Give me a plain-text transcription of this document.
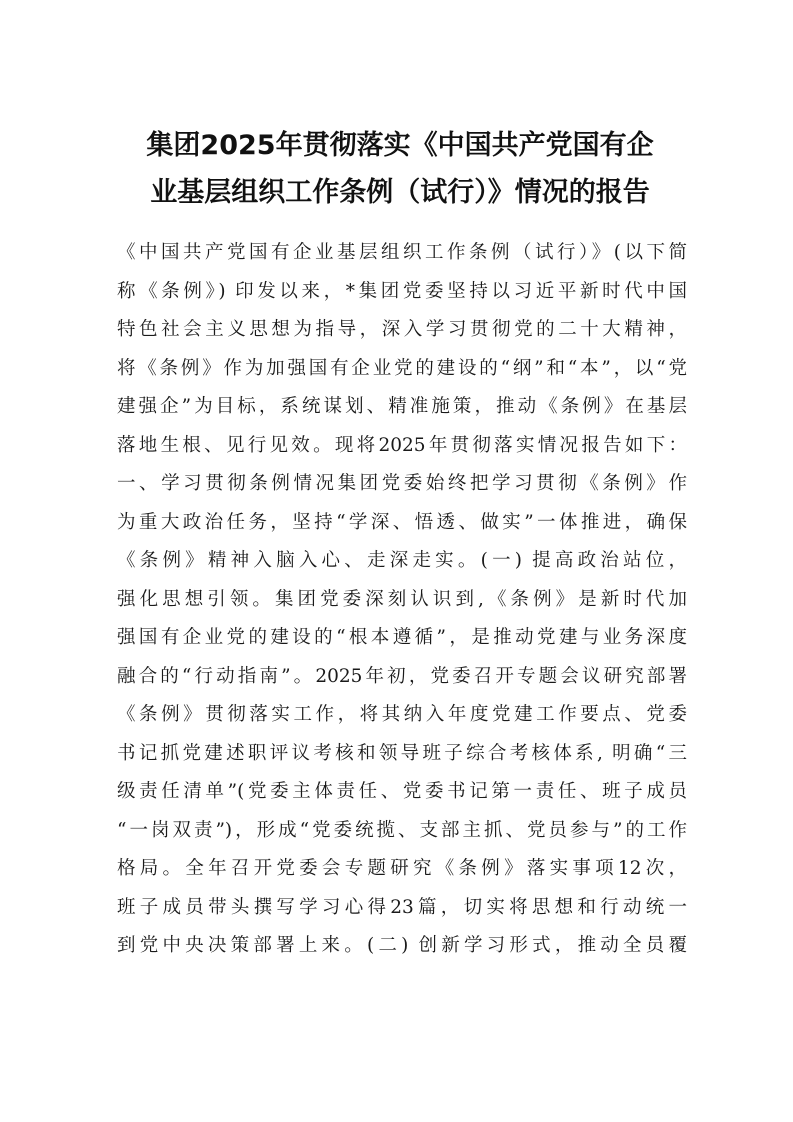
集团2025年贯彻落实《中国共产党国有企
业基层组织工作条例（试行）》情况的报告
《中国共产党国有企业基层组织工作条例（试行）》(以下简
称《条例》) 印发以来，*集团党委坚持以习近平新时代中国
特色社会主义思想为指导，深入学习贯彻党的二十大精神，
将《条例》作为加强国有企业党的建设的“纲”和“本”，以“党
建强企”为目标，系统谋划、精准施策，推动《条例》在基层
落地生根、见行见效。现将2025年贯彻落实情况报告如下：
一、学习贯彻条例情况集团党委始终把学习贯彻《条例》作
为重大政治任务，坚持“学深、悟透、做实”一体推进，确保
《条例》精神入脑入心、走深走实。(一) 提高政治站位，
强化思想引领。集团党委深刻认识到,《条例》是新时代加
强国有企业党的建设的“根本遵循”，是推动党建与业务深度
融合的“行动指南”。2025年初，党委召开专题会议研究部署
《条例》贯彻落实工作，将其纳入年度党建工作要点、党委
书记抓党建述职评议考核和领导班子综合考核体系, 明确“三
级责任清单”(党委主体责任、党委书记第一责任、班子成员
“一岗双责”)，形成“党委统揽、支部主抓、党员参与”的工作
格局。全年召开党委会专题研究《条例》落实事项12次，
班子成员带头撰写学习心得23篇，切实将思想和行动统一
到党中央决策部署上来。(二) 创新学习形式，推动全员覆
